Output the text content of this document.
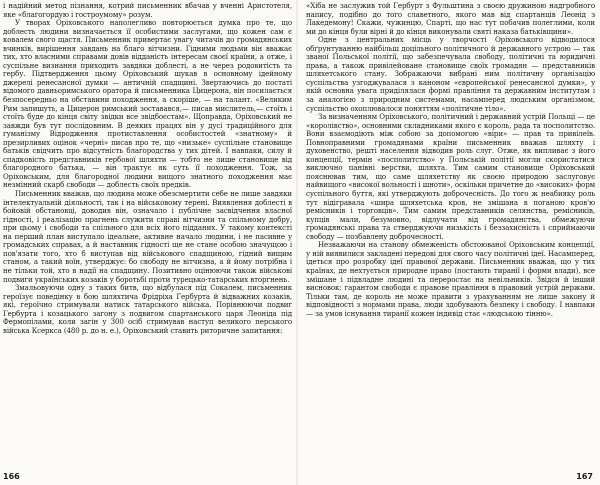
і надійний метод пізнання, котрий письменник вбачав у вченні Аристотеля, яке «благогордую і гостроумому» розум.

У творах Оріховського наполегливо повторюється думка про те, що доблесть людини визначається її особистими заслугами, що кожен сам є ковалем свого щастя. Письменник привертає увагу читачів до громадянських вчинків, вирішення завдань на благо вітчизни. Гідними людьми він вважає тих, хто власними справами довів відданість інтересам своєї країни, а отже, і суспільне визнання приходить завдяки доблесті, а не через родовитість та гербу. Підтвердження цьому Оріховський шукав в основному ідейному джерелі ренесансної думки — античній спадщині. Звертаючись до постаті відомого давньоримського оратора й письменника Цицерона, він посилається безпосередньо на обставини походження, а скоріше, — на талант. «Великим Рим запишуть, а Цицерон римський зоставався,— писав мислитель,— стоїть і стоїть буде до кінця світу звідки все звідбоєстам». Щоправда, Оріховський не завжди був тут послідовним. В деяких працях він у дусі традиційного для гуманізму Відродження протиставлення особистостей «знатному» й презирливих оцінок «черні» писав про те, що «низьке» суспільне становище батьків свідчить про відсутність благородства у тих дітей. І навпаки, силу й спадковість представників гербової шляхти — тобто не лише становище від благородного батька, — він трактує як суть її походження. Тож, за Оріховським, для благородної людини вищого знатного походження має незмінний скарб свободи — доблесть своїх предків.

Письменник вважав, що людина може обезсмертити себе не лише завдяки інтелектуальній діяльності, так і на військовому терені. Виявлення доблесті в бойовій обстановці, доводив він, означало і публічне засвідчення власної гідності, і реалізацію прагнень служити справі вітчизни та спільному добру, при цьому і свободи та спільного для всіх його підданих. У такому контексті на перший план виступало ідеальне, активне начало людини, і не пасивне у громадських справах, а й наставник гідності ще не стане особою значущою і пов'язати того, хто б виступав від військового спадщиною, гідний вищим станом, а такий воїн, утверджує: бо свободу не вітчизна, а й йому потрібна і не тільки той, хто в надії на спадщину. Позитивно оцінюючи також військові подвиги українських козаків у боротьбі проти турецько-татарських вторгнень.

Змальовуючи одну з таких битв, що відбулася під Сокалем, письменник героїзує поведінку в бою шляхтича Фрідріха Гербурта й відважних козаків, які, героїчно стримували натиск татарського війська. Порівнюючи подвиг Гербурта і козацького загону з подвигом спартанського царя Леоніда під Фермопілами, коли загін у 300 осіб стримував наступ великого перського війська Ксеркса (480 р. до н. е.), Оріховський ставить риторичне запитання:

166

«Хіба не заслужив той Гербурт з Фульштина з своєю дружиною надгробного напису, подібно до того славетного, якого мав від спартанців Леонід з Лакедемону! Скажи, чужинцю, Спарті, що нас тут побачив полеглими, коли ми до кінця були вірні й до кінця виконували святі наказа батьківщини».

Одне з центральних місць у творчості Оріховського відводилося обґрунтуванню найбільш доцільного політичного й державного устрою — так званої Польської політії, що забезпечувала свободу, політичні та юридичні права, а також привілейоване становище своїх громадян — представників шляхетського стану. Зображаючи вибрані ним політичну організацію суспільства узгоджувалася з каноном «європейської ренесансної думки», у якій основна увага приділялася формі правління та державним інститутам і за аналогією з природним системами, насамперед людським організмом, суспільство охоплювалося поняттям «політичне тіло».

За визначенням Оріховського, політичний і державний устрій Польщі — це «королівство», основними складниками якого є король, рада та посполитство. Вони взаємодіють між собою за допомогою «віри» — прав та привілеїв. Повноправними громадянами країни письменник вважав шляхту і духовенство, решті населення відводив роль слуг. Отже, як випливає з його концепції, термін «посполитство» у Польській політії могли скористатися виключно панівні верстви, шляхта. Тим самим становище Оріховський пояснював тим, що саме шляхетству як своєю природою заслуговує найвищого «високої вольності і шноти», оскільки причетне до «високих» форм суспільного буття, які утверджують доброчесність. До того ж неабияку роль тут відігравала «шира шляхетська кров, не змішана в поганою кров'ю ремісників і торговців». Тим самим представників селянства, ремісників, купців мали, безумовно, відлучати від громадянства, обмежуючи громадянські права та стверджуючи низькість і беззахисність і сприймаючи свободу — позбавлену доброчесності.

Незважаючи на станову обмеженість обстоюваної Оріховським концепції, у ній виявилися закладені передові для свого часу політичні ідеї. Насамперед, ідеться про розробку ідеї правової держави. Письменник вважав, що у тих країнах, де нехтується природне право (постають тиранії і форми влади), все змішане і підвладне людині та переростає на невільників. Звідси й інший висновок: гарантом свободи є правове правління в правовий устрій держави. Тільки там, де король не може правити з урахуванням не лише закону й відповідності з нормами права, люди здобувають безпеку і свободу. І навпаки — за умов існування тиранії кожен індивід стає «людською тінню».

167
